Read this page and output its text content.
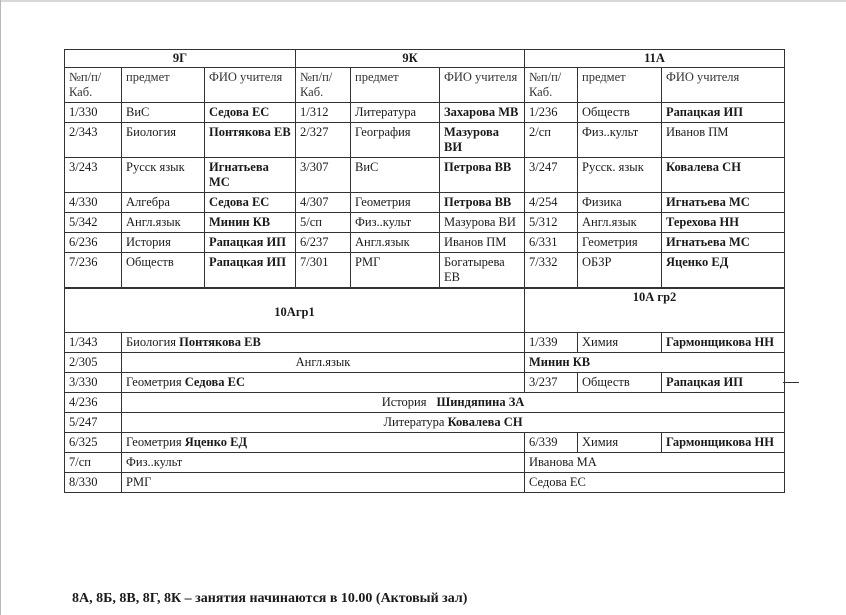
9Г			9К			11А		
№п/п/ Каб.	предмет	ФИО учителя	№п/п/ Каб.	предмет	ФИО учителя	№п/п/ Каб.	предмет	ФИО учителя
1/330	ВиС	Седова ЕС	1/312	Литература	Захарова МВ	1/236	Обществ	Рапацкая ИП
2/343	Биология	Понтякова ЕВ	2/327	География	Мазурова ВИ	2/сп	Физ..культ	Иванов ПМ
3/243	Русск язык	Игнатьева МС	3/307	ВиС	Петрова ВВ	3/247	Русск. язык	Ковалева СН
4/330	Алгебра	Седова ЕС	4/307	Геометрия	Петрова ВВ	4/254	Физика	Игнатьева МС
5/342	Англ.язык	Минин КВ	5/сп	Физ..культ	Мазурова ВИ	5/312	Англ.язык	Терехова НН
6/236	История	Рапацкая ИП	6/237	Англ.язык	Иванов ПМ	6/331	Геометрия	Игнатьева МС
7/236	Обществ	Рапацкая ИП	7/301	РМГ	Богатырева ЕВ	7/332	ОБЗР	Яценко ЕД
10Агр1		10А гр2		
1/343	Биология Понтякова ЕВ	1/339	Химия	Гармонщикова НН
2/305	Англ.язык	Минин КВ		
3/330	Геометрия Седова ЕС	3/237	Обществ	Рапацкая ИП
4/236	История Шиндяпина ЗА			
5/247	Литература Ковалева СН			
6/325	Геометрия Яценко ЕД	6/339	Химия	Гармонщикова НН
7/сп	Физ..культ	Иванова МА		
8/330	РМГ	Седова ЕС		
8А, 8Б, 8В, 8Г, 8К – занятия начинаются в 10.00 (Актовый зал)
